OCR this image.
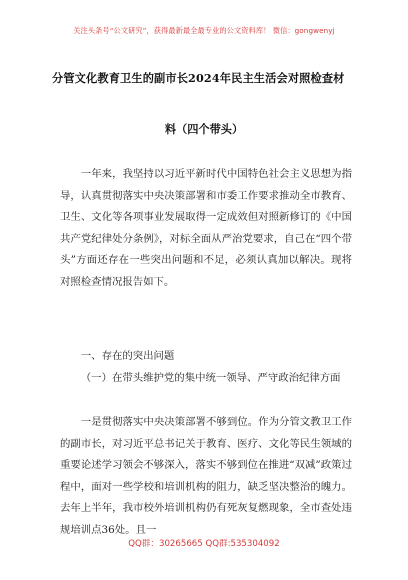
关注头条号“公文研究”，获得最新最全最专业的公文资料库！ 微信：gongwenyj
分管文化教育卫生的副市长2024年民主生活会对照检查材
料（四个带头）

一年来，我坚持以习近平新时代中国特色社会主义思想为指导，认真贯彻落实中央决策部署和市委工作要求推动全市教育、卫生、文化等各项事业发展取得一定成效但对照新修订的《中国共产党纪律处分条例》，对标全面从严治党要求，自己在“四个带头”方面还存在一些突出问题和不足，必须认真加以解决。现将对照检查情况报告如下。

一、存在的突出问题
（一）在带头维护党的集中统一领导、严守政治纪律方面

一是贯彻落实中央决策部署不够到位。作为分管文教卫工作的副市长，对习近平总书记关于教育、医疗、文化等民生领域的重要论述学习领会不够深入，落实不够到位在推进“双减”政策过程中，面对一些学校和培训机构的阻力，缺乏坚决整治的魄力。去年上半年，我市校外培训机构仍有死灰复燃现象，全市查处违规培训点36处。且一

QQ群：30265665 QQ群:535304092
